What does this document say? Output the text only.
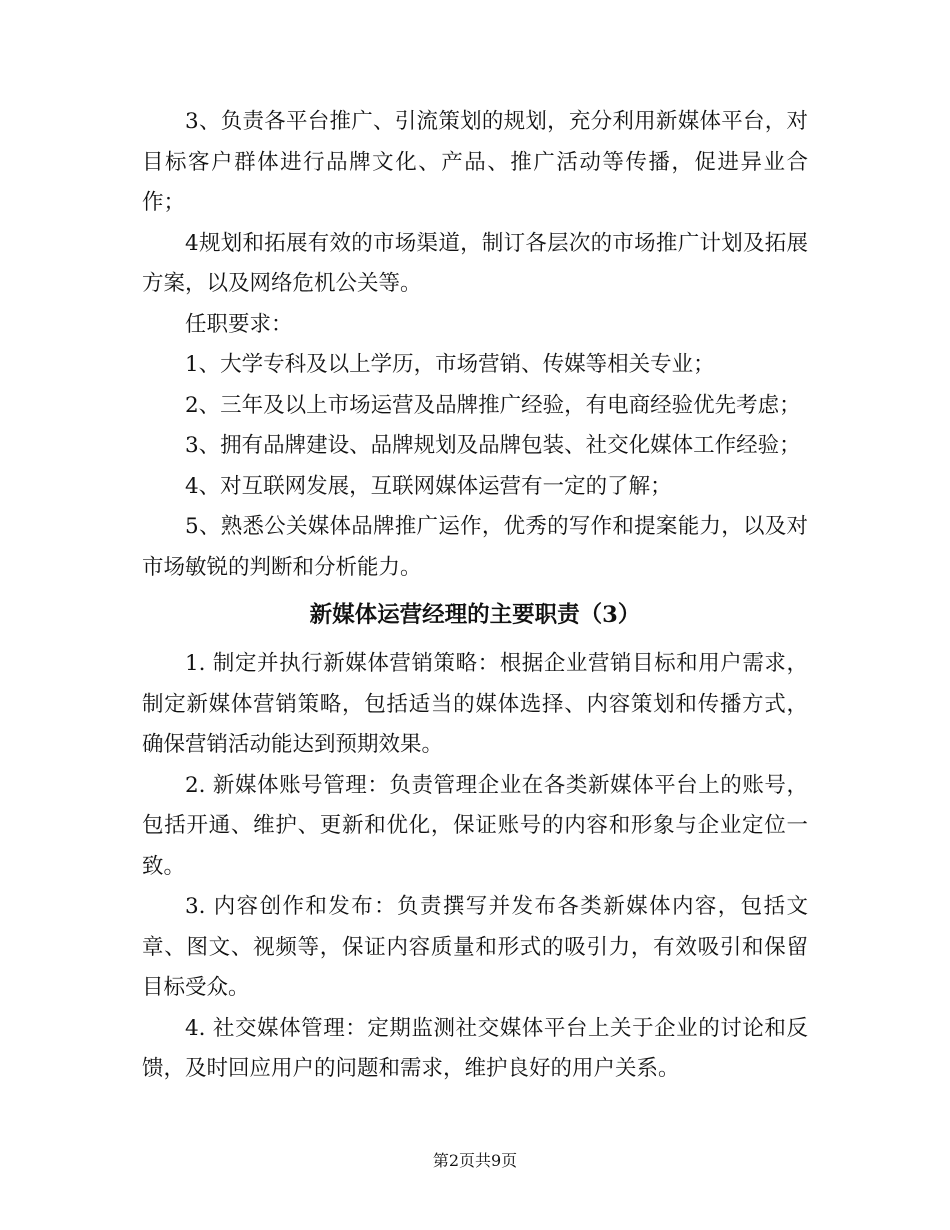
3、负责各平台推广、引流策划的规划，充分利用新媒体平台，对目标客户群体进行品牌文化、产品、推广活动等传播，促进异业合作；

4规划和拓展有效的市场渠道，制订各层次的市场推广计划及拓展方案，以及网络危机公关等。

任职要求：

1、大学专科及以上学历，市场营销、传媒等相关专业；

2、三年及以上市场运营及品牌推广经验，有电商经验优先考虑；

3、拥有品牌建设、品牌规划及品牌包装、社交化媒体工作经验；

4、对互联网发展，互联网媒体运营有一定的了解；

5、熟悉公关媒体品牌推广运作，优秀的写作和提案能力，以及对市场敏锐的判断和分析能力。

新媒体运营经理的主要职责（3）

1. 制定并执行新媒体营销策略：根据企业营销目标和用户需求，制定新媒体营销策略，包括适当的媒体选择、内容策划和传播方式，确保营销活动能达到预期效果。

2. 新媒体账号管理：负责管理企业在各类新媒体平台上的账号，包括开通、维护、更新和优化，保证账号的内容和形象与企业定位一致。

3. 内容创作和发布：负责撰写并发布各类新媒体内容，包括文章、图文、视频等，保证内容质量和形式的吸引力，有效吸引和保留目标受众。

4. 社交媒体管理：定期监测社交媒体平台上关于企业的讨论和反馈，及时回应用户的问题和需求，维护良好的用户关系。

第2页共9页
